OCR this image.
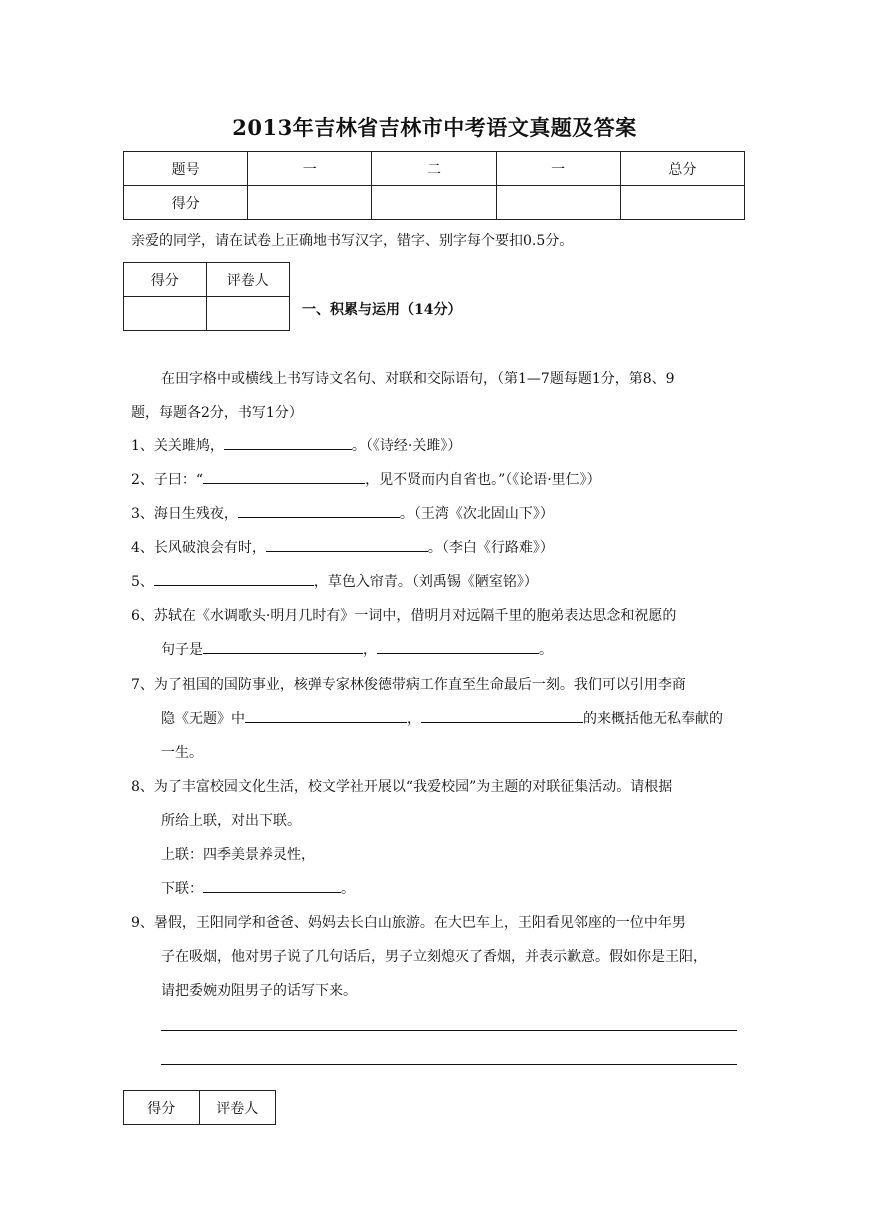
2013年吉林省吉林市中考语文真题及答案
题号	一	二	一	总分
得分				
亲爱的同学，请在试卷上正确地书写汉字，错字、别字每个要扣0.5分。
得分	评卷人

一、积累与运用（14分）
在田字格中或横线上书写诗文名句、对联和交际语句，（第1—7题每题1分，第8、9
题，每题各2分，书写1分）
1、关关雎鸠，	。（《诗经·关雎》）
2、子曰：“	，见不贤而内自省也。”（《论语·里仁》）
3、海日生残夜，	。（王湾《次北固山下》）
4、长风破浪会有时，	。（李白《行路难》）
5、	，草色入帘青。（刘禹锡《陋室铭》）
6、苏轼在《水调歌头·明月几时有》一词中，借明月对远隔千里的胞弟表达思念和祝愿的
句子是	，	。
7、为了祖国的国防事业，核弹专家林俊德带病工作直至生命最后一刻。我们可以引用李商
隐《无题》中	，	的来概括他无私奉献的
一生。
8、为了丰富校园文化生活，校文学社开展以“我爱校园”为主题的对联征集活动。请根据
所给上联，对出下联。
上联：四季美景养灵性，
下联：	。
9、暑假，王阳同学和爸爸、妈妈去长白山旅游。在大巴车上，王阳看见邻座的一位中年男
子在吸烟，他对男子说了几句话后，男子立刻熄灭了香烟，并表示歉意。假如你是王阳，
请把委婉劝阻男子的话写下来。
得分	评卷人
